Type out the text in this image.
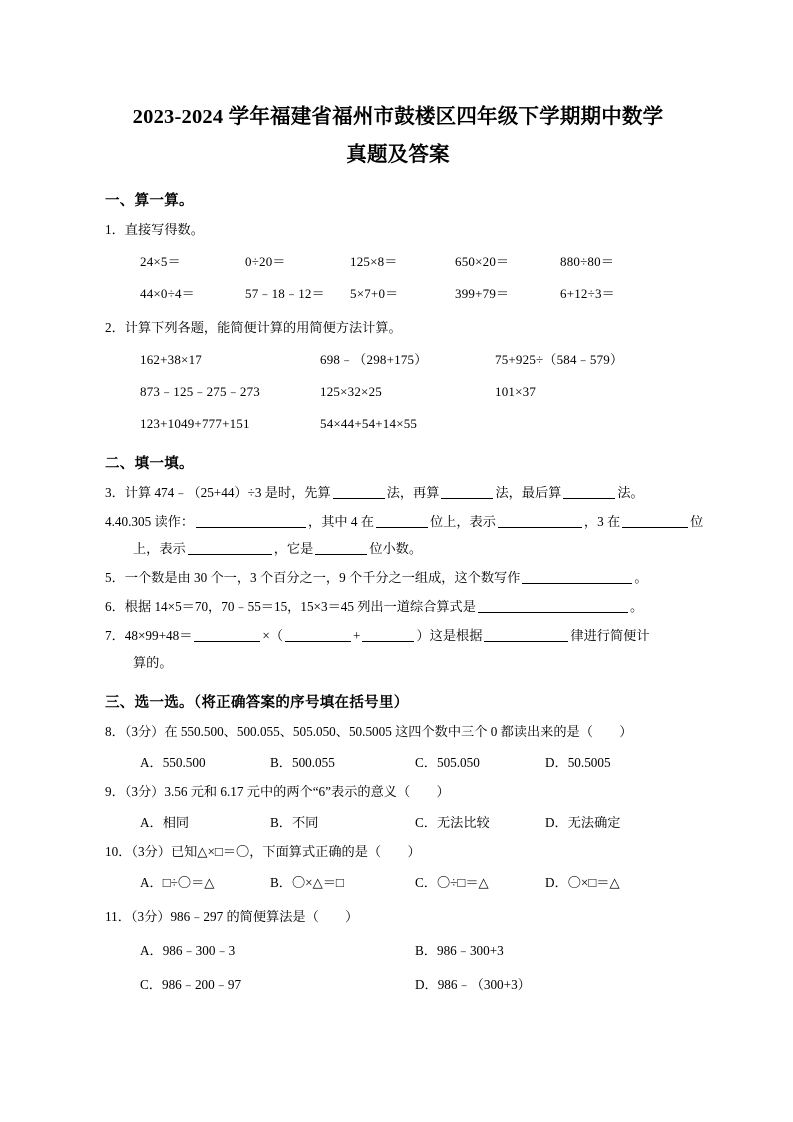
2023-2024 学年福建省福州市鼓楼区四年级下学期期中数学
真题及答案
一、算一算。
1．直接写得数。
24×5＝	0÷20＝	125×8＝	650×20＝	880÷80＝
44×0÷4＝	57﹣18﹣12＝ 5×7+0＝	399+79＝	6+12÷3＝
2．计算下列各题，能简便计算的用简便方法计算。
162+38×17	698﹣（298+175）	75+925÷（584﹣579）
873﹣125﹣275﹣273	125×32×25	101×37
123+1049+777+151	54×44+54+14×55
二、填一填。
3．计算 474﹣（25+44）÷3 是时，先算	法，再算	法，最后算	法。
4.40.305 读作：	，其中 4 在	位上，表示	，3 在	位
上，表示	，它是	位小数。
5．一个数是由 30 个一，3 个百分之一，9 个千分之一组成，这个数写作	。
6．根据 14×5＝70，70﹣55＝15，15×3＝45 列出一道综合算式是	。
7．48×99+48＝	×（	+	）这是根据	律进行简便计
算的。
三、选一选。（将正确答案的序号填在括号里）
8．（3分）在 550.500、500.055、505.050、50.5005 这四个数中三个 0 都读出来的是（　　）
A．550.500	B．500.055	C．505.050	D．50.5005
9．（3分）3.56 元和 6.17 元中的两个“6”表示的意义（　　）
A．相同	B．不同	C．无法比较	D．无法确定
10．（3分）已知△×□＝〇，下面算式正确的是（　　）
A．□÷〇＝△	B．〇×△＝□	C．〇÷□＝△	D．〇×□＝△
11．（3分）986﹣297 的简便算法是（　　）
A．986﹣300﹣3	B．986﹣300+3
C．986﹣200﹣97	D．986﹣（300+3）
